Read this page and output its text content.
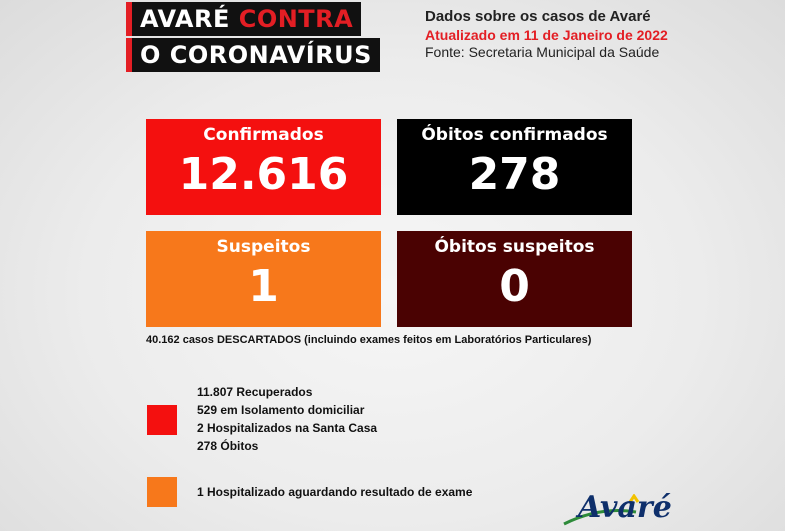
AVARÉ CONTRA
O CORONAVÍRUS
Dados sobre os casos de Avaré
Atualizado em 11 de Janeiro de 2022
Fonte: Secretaria Municipal da Saúde
Confirmados
12.616
Óbitos confirmados
278
Suspeitos
1
Óbitos suspeitos
0
40.162 casos DESCARTADOS (incluindo exames feitos em Laboratórios Particulares)
11.807 Recuperados
529 em Isolamento domiciliar
2 Hospitalizados na Santa Casa
278 Óbitos
1 Hospitalizado aguardando resultado de exame	Avaré
